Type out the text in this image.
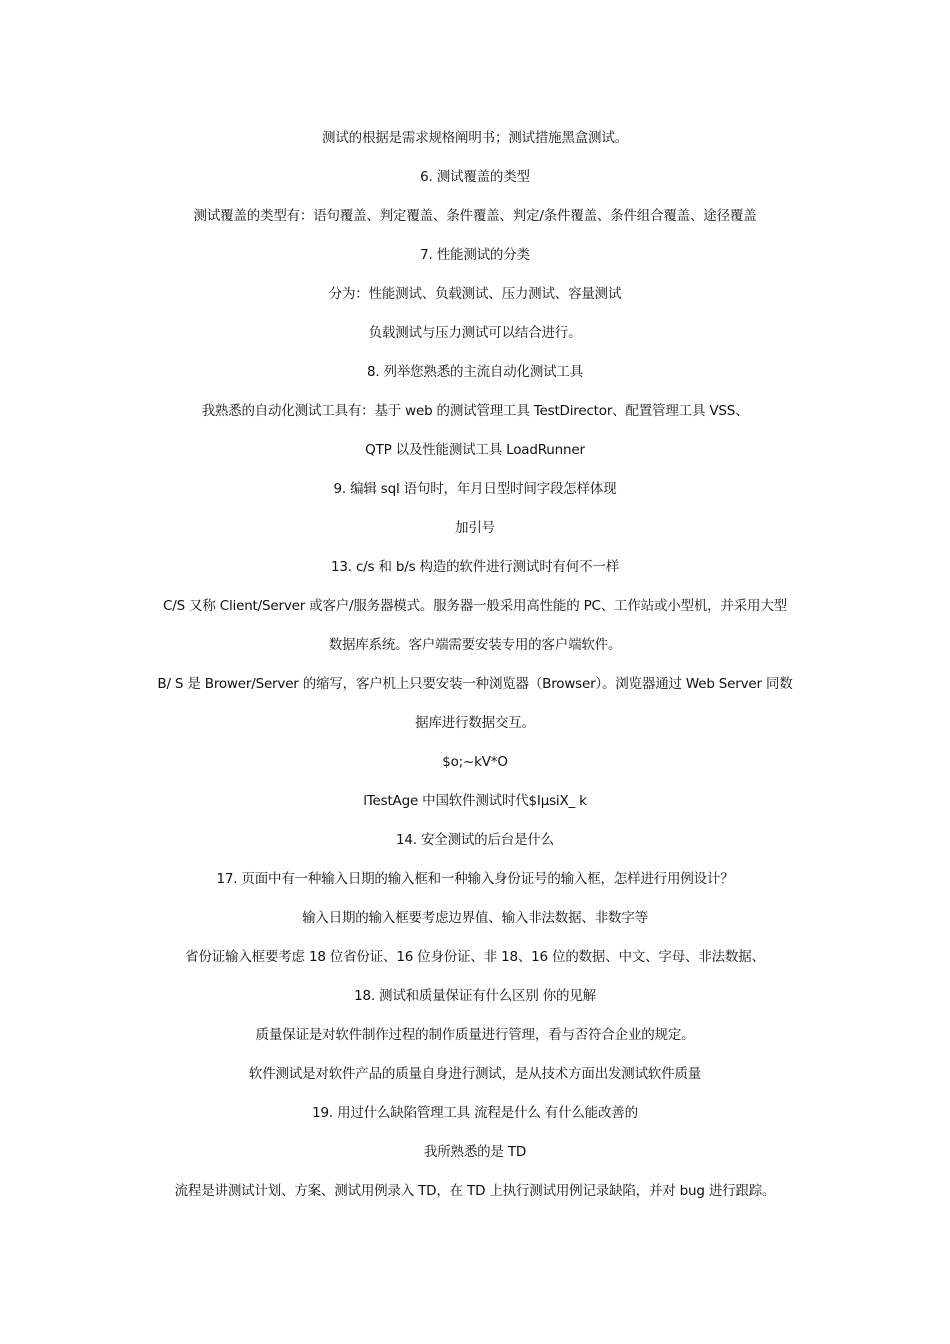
测试的根据是需求规格阐明书；测试措施黑盒测试。
6. 测试覆盖的类型
测试覆盖的类型有：语句覆盖、判定覆盖、条件覆盖、判定/条件覆盖、条件组合覆盖、途径覆盖
7. 性能测试的分类
分为：性能测试、负载测试、压力测试、容量测试
负载测试与压力测试可以结合进行。
8. 列举您熟悉的主流自动化测试工具
我熟悉的自动化测试工具有：基于 web 的测试管理工具 TestDirector、配置管理工具 VSS、
QTP 以及性能测试工具 LoadRunner
9. 编辑 sql 语句时，年月日型时间字段怎样体现
加引号
13. c/s 和 b/s 构造的软件进行测试时有何不一样
C/S 又称 Client/Server 或客户/服务器模式。服务器一般采用高性能的 PC、工作站或小型机，并采用大型
数据库系统。客户端需要安装专用的客户端软件。
B/ S 是 Brower/Server 的缩写，客户机上只要安装一种浏览器（Browser）。浏览器通过 Web Server 同数
据库进行数据交互。
$o;~kV*O
lTestAge 中国软件测试时代$IμsiX_ k
14. 安全测试的后台是什么
17. 页面中有一种输入日期的输入框和一种输入身份证号的输入框，怎样进行用例设计？
输入日期的输入框要考虑边界值、输入非法数据、非数字等
省份证输入框要考虑 18 位省份证、16 位身份证、非 18、16 位的数据、中文、字母、非法数据、
18. 测试和质量保证有什么区别 你的见解
质量保证是对软件制作过程的制作质量进行管理，看与否符合企业的规定。
软件测试是对软件产品的质量自身进行测试，是从技术方面出发测试软件质量
19. 用过什么缺陷管理工具 流程是什么 有什么能改善的
我所熟悉的是 TD
流程是讲测试计划、方案、测试用例录入 TD，在 TD 上执行测试用例记录缺陷，并对 bug 进行跟踪。
